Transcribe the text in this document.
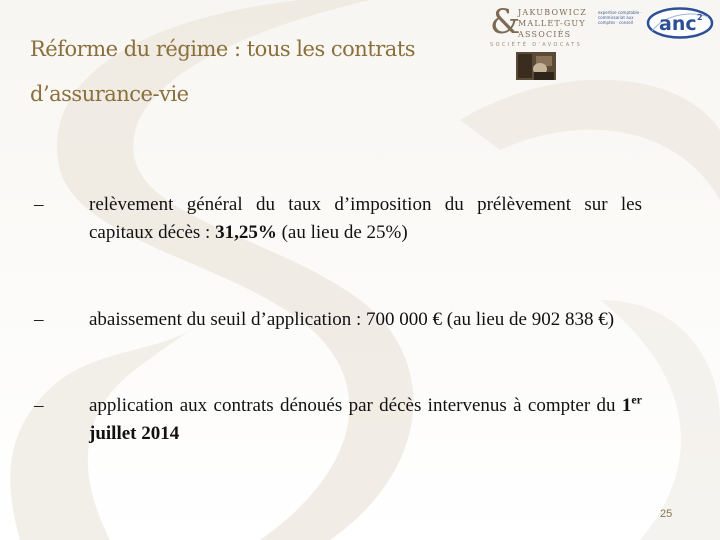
Réforme du régime : tous les contrats
d’assurance-vie
&
JAKUBOWICZ
MALLET-GUY
ASSOCIÉS
SOCIÉTÉ D'AVOCATS
expertise comptable · commissariat aux comptes · conseil	anc 2
–	relèvement général du taux d’imposition du prélèvement sur les capitaux décès : 31,25% (au lieu de 25%)
–	abaissement du seuil d’application : 700 000 € (au lieu de 902 838 €)
–	application aux contrats dénoués par décès intervenus à compter du 1er juillet 2014
25
